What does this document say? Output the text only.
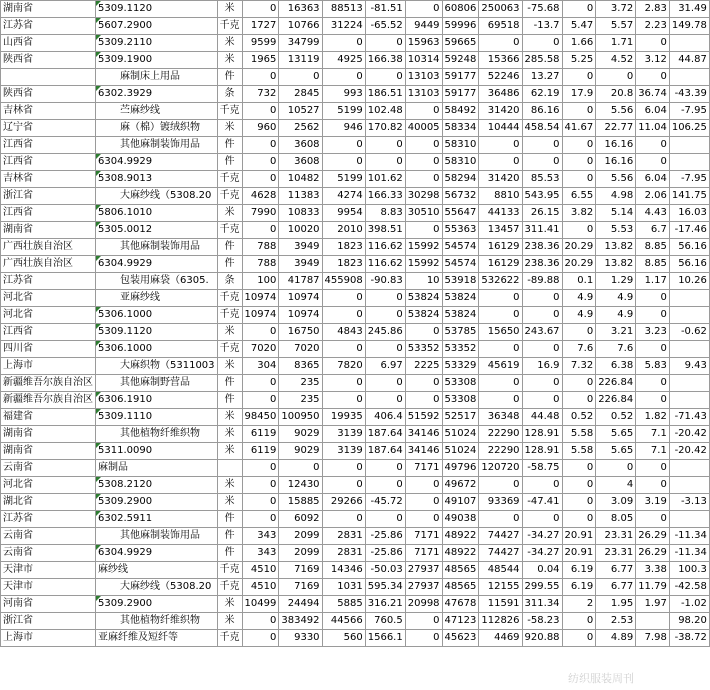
湖南省	5309.1120	米	0	16363	88513	-81.51	0	60806	250063	-75.68	0	3.72	2.83	31.49
江苏省	5607.2900	千克	1727	10766	31224	-65.52	9449	59996	69518	-13.7	5.47	5.57	2.23	149.78
山西省	5309.2110	米	9599	34799	0	0	15963	59665	0	0	1.66	1.71	0	
陕西省	5309.1900	米	1965	13119	4925	166.38	10314	59248	15366	285.58	5.25	4.52	3.12	44.87
	麻制床上用品	件	0	0	0	0	13103	59177	52246	13.27	0	0	0	
陕西省	6302.3929	条	732	2845	993	186.51	13103	59177	36486	62.19	17.9	20.8	36.74	-43.39
吉林省	苎麻纱线	千克	0	10527	5199	102.48	0	58492	31420	86.16	0	5.56	6.04	-7.95
辽宁省	麻（棉）镀绒织物	米	960	2562	946	170.82	40005	58334	10444	458.54	41.67	22.77	11.04	106.25
江西省	其他麻制装饰用品	件	0	3608	0	0	0	58310	0	0	0	16.16	0	
江西省	6304.9929	件	0	3608	0	0	0	58310	0	0	0	16.16	0	
吉林省	5308.9013	千克	0	10482	5199	101.62	0	58294	31420	85.53	0	5.56	6.04	-7.95
浙江省	大麻纱线（5308.20	千克	4628	11383	4274	166.33	30298	56732	8810	543.95	6.55	4.98	2.06	141.75
江西省	5806.1010	米	7990	10833	9954	8.83	30510	55647	44133	26.15	3.82	5.14	4.43	16.03
湖南省	5305.0012	千克	0	10020	2010	398.51	0	55363	13457	311.41	0	5.53	6.7	-17.46
广西壮族自治区	其他麻制装饰用品	件	788	3949	1823	116.62	15992	54574	16129	238.36	20.29	13.82	8.85	56.16
广西壮族自治区	6304.9929	件	788	3949	1823	116.62	15992	54574	16129	238.36	20.29	13.82	8.85	56.16
江苏省	包装用麻袋（6305.	条	100	41787	455908	-90.83	10	53918	532622	-89.88	0.1	1.29	1.17	10.26
河北省	亚麻纱线	千克	10974	10974	0	0	53824	53824	0	0	4.9	4.9	0	
河北省	5306.1000	千克	10974	10974	0	0	53824	53824	0	0	4.9	4.9	0	
江西省	5309.1120	米	0	16750	4843	245.86	0	53785	15650	243.67	0	3.21	3.23	-0.62
四川省	5306.1000	千克	7020	7020	0	0	53352	53352	0	0	7.6	7.6	0	
上海市	大麻织物（5311003	米	304	8365	7820	6.97	2225	53329	45619	16.9	7.32	6.38	5.83	9.43
新疆维吾尔族自治区	其他麻制野营品	件	0	235	0	0	0	53308	0	0	0	226.84	0	
新疆维吾尔族自治区	6306.1910	件	0	235	0	0	0	53308	0	0	0	226.84	0	
福建省	5309.1110	米	98450	100950	19935	406.4	51592	52517	36348	44.48	0.52	0.52	1.82	-71.43
湖南省	其他植物纤维织物	米	6119	9029	3139	187.64	34146	51024	22290	128.91	5.58	5.65	7.1	-20.42
湖南省	5311.0090	米	6119	9029	3139	187.64	34146	51024	22290	128.91	5.58	5.65	7.1	-20.42
云南省	麻制品		0	0	0	0	7171	49796	120720	-58.75	0	0	0	
河北省	5308.2120	米	0	12430	0	0	0	49672	0	0	0	4	0	
湖北省	5309.2900	米	0	15885	29266	-45.72	0	49107	93369	-47.41	0	3.09	3.19	-3.13
江苏省	6302.5911	件	0	6092	0	0	0	49038	0	0	0	8.05	0	
云南省	其他麻制装饰用品	件	343	2099	2831	-25.86	7171	48922	74427	-34.27	20.91	23.31	26.29	-11.34
云南省	6304.9929	件	343	2099	2831	-25.86	7171	48922	74427	-34.27	20.91	23.31	26.29	-11.34
天津市	麻纱线	千克	4510	7169	14346	-50.03	27937	48565	48544	0.04	6.19	6.77	3.38	100.3
天津市	大麻纱线（5308.20	千克	4510	7169	1031	595.34	27937	48565	12155	299.55	6.19	6.77	11.79	-42.58
河南省	5309.2900	米	10499	24494	5885	316.21	20998	47678	11591	311.34	2	1.95	1.97	-1.02
浙江省	其他植物纤维织物	米	0	383492	44566	760.5	0	47123	112826	-58.23	0	2.53		98.20
上海市	亚麻纤维及短纤等	千克	0	9330	560	1566.1	0	45623	4469	920.88	0	4.89	7.98	-38.72
纺织服装周刊
